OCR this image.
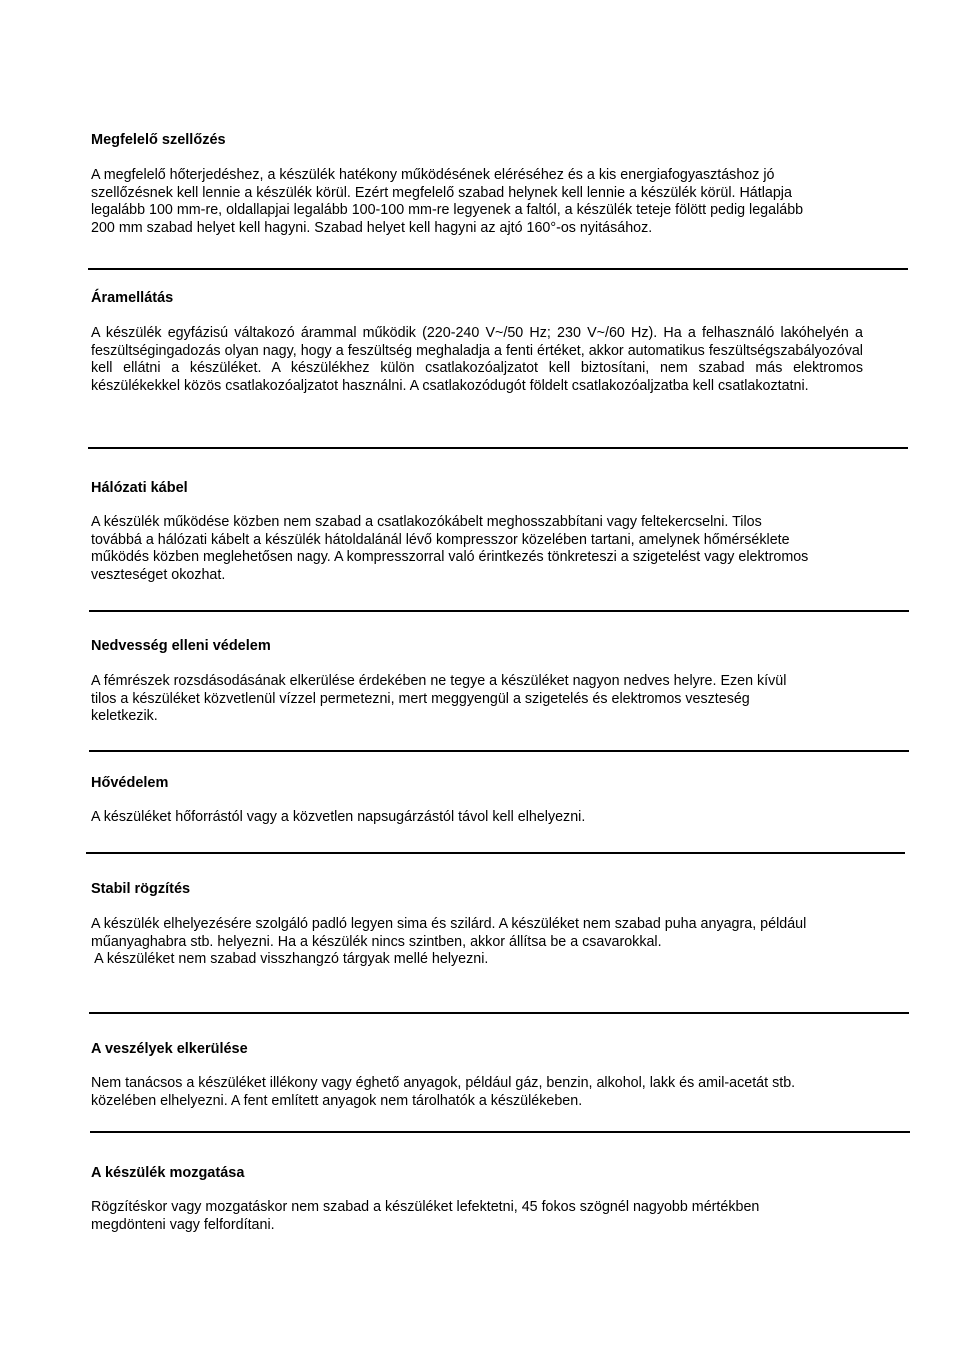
Megfelelő szellőzés

A megfelelő hőterjedéshez, a készülék hatékony működésének eléréséhez és a kis energiafogyasztáshoz jó
szellőzésnek kell lennie a készülék körül. Ezért megfelelő szabad helynek kell lennie a készülék körül. Hátlapja
legalább 100 mm-re, oldallapjai legalább 100-100 mm-re legyenek a faltól, a készülék teteje fölött pedig legalább
200 mm szabad helyet kell hagyni. Szabad helyet kell hagyni az ajtó 160°-os nyitásához.

Áramellátás

A készülék egyfázisú váltakozó árammal működik (220-240 V~/50 Hz; 230 V~/60 Hz). Ha a felhasználó lakóhelyén a feszültségingadozás olyan nagy, hogy a feszültség meghaladja a fenti értéket, akkor automatikus feszültségszabályozóval kell ellátni a készüléket. A készülékhez külön csatlakozóaljzatot kell biztosítani, nem szabad más elektromos készülékekkel közös csatlakozóaljzatot használni. A csatlakozódugót földelt csatlakozóaljzatba kell csatlakoztatni.

Hálózati kábel

A készülék működése közben nem szabad a csatlakozókábelt meghosszabbítani vagy feltekercselni. Tilos
továbbá a hálózati kábelt a készülék hátoldalánál lévő kompresszor közelében tartani, amelynek hőmérséklete
működés közben meglehetősen nagy. A kompresszorral való érintkezés tönkreteszi a szigetelést vagy elektromos
veszteséget okozhat.

Nedvesség elleni védelem

A fémrészek rozsdásodásának elkerülése érdekében ne tegye a készüléket nagyon nedves helyre. Ezen kívül
tilos a készüléket közvetlenül vízzel permetezni, mert meggyengül a szigetelés és elektromos veszteség
keletkezik.

Hővédelem

A készüléket hőforrástól vagy a közvetlen napsugárzástól távol kell elhelyezni.

Stabil rögzítés

A készülék elhelyezésére szolgáló padló legyen sima és szilárd. A készüléket nem szabad puha anyagra, például
műanyaghabra stb. helyezni. Ha a készülék nincs szintben, akkor állítsa be a csavarokkal.
A készüléket nem szabad visszhangzó tárgyak mellé helyezni.

A veszélyek elkerülése

Nem tanácsos a készüléket illékony vagy éghető anyagok, például gáz, benzin, alkohol, lakk és amil-acetát stb.
közelében elhelyezni. A fent említett anyagok nem tárolhatók a készülékeben.

A készülék mozgatása

Rögzítéskor vagy mozgatáskor nem szabad a készüléket lefektetni, 45 fokos szögnél nagyobb mértékben
megdönteni vagy felfordítani.
